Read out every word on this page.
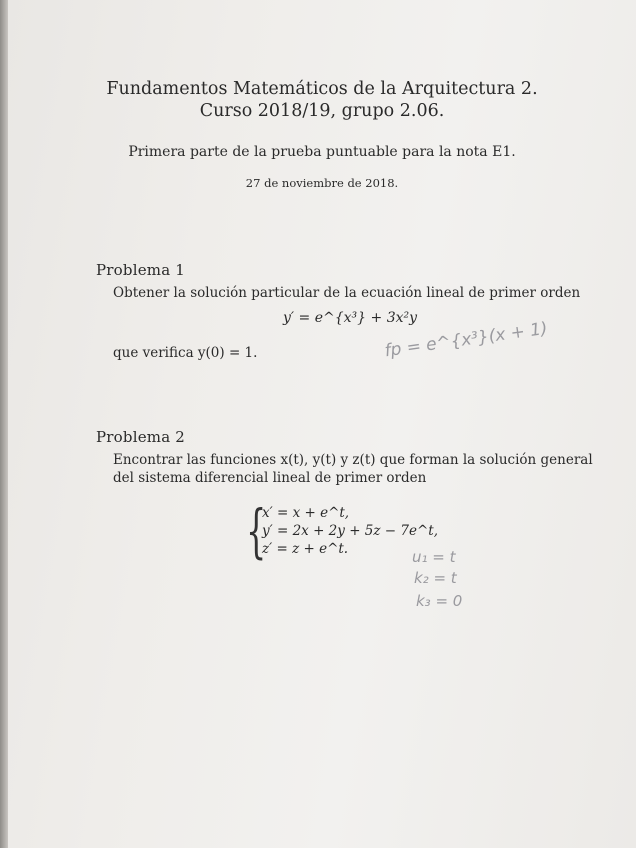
Fundamentos Matemáticos de la Arquitectura 2.
Curso 2018/19, grupo 2.06.
Primera parte de la prueba puntuable para la nota E1.
27 de noviembre de 2018.
Problema 1
Obtener la solución particular de la ecuación lineal de primer orden
y′ = e^{x³} + 3x²y
que verifica y(0) = 1.
Problema 2
Encontrar las funciones x(t), y(t) y z(t) que forman la solución general
del sistema diferencial lineal de primer orden
{
x′ = x + e^t,
y′ = 2x + 2y + 5z − 7e^t,
z′ = z + e^t.
fp = e^{x³}(x + 1)
u₁ = t
k₂ = t
k₃ = 0
